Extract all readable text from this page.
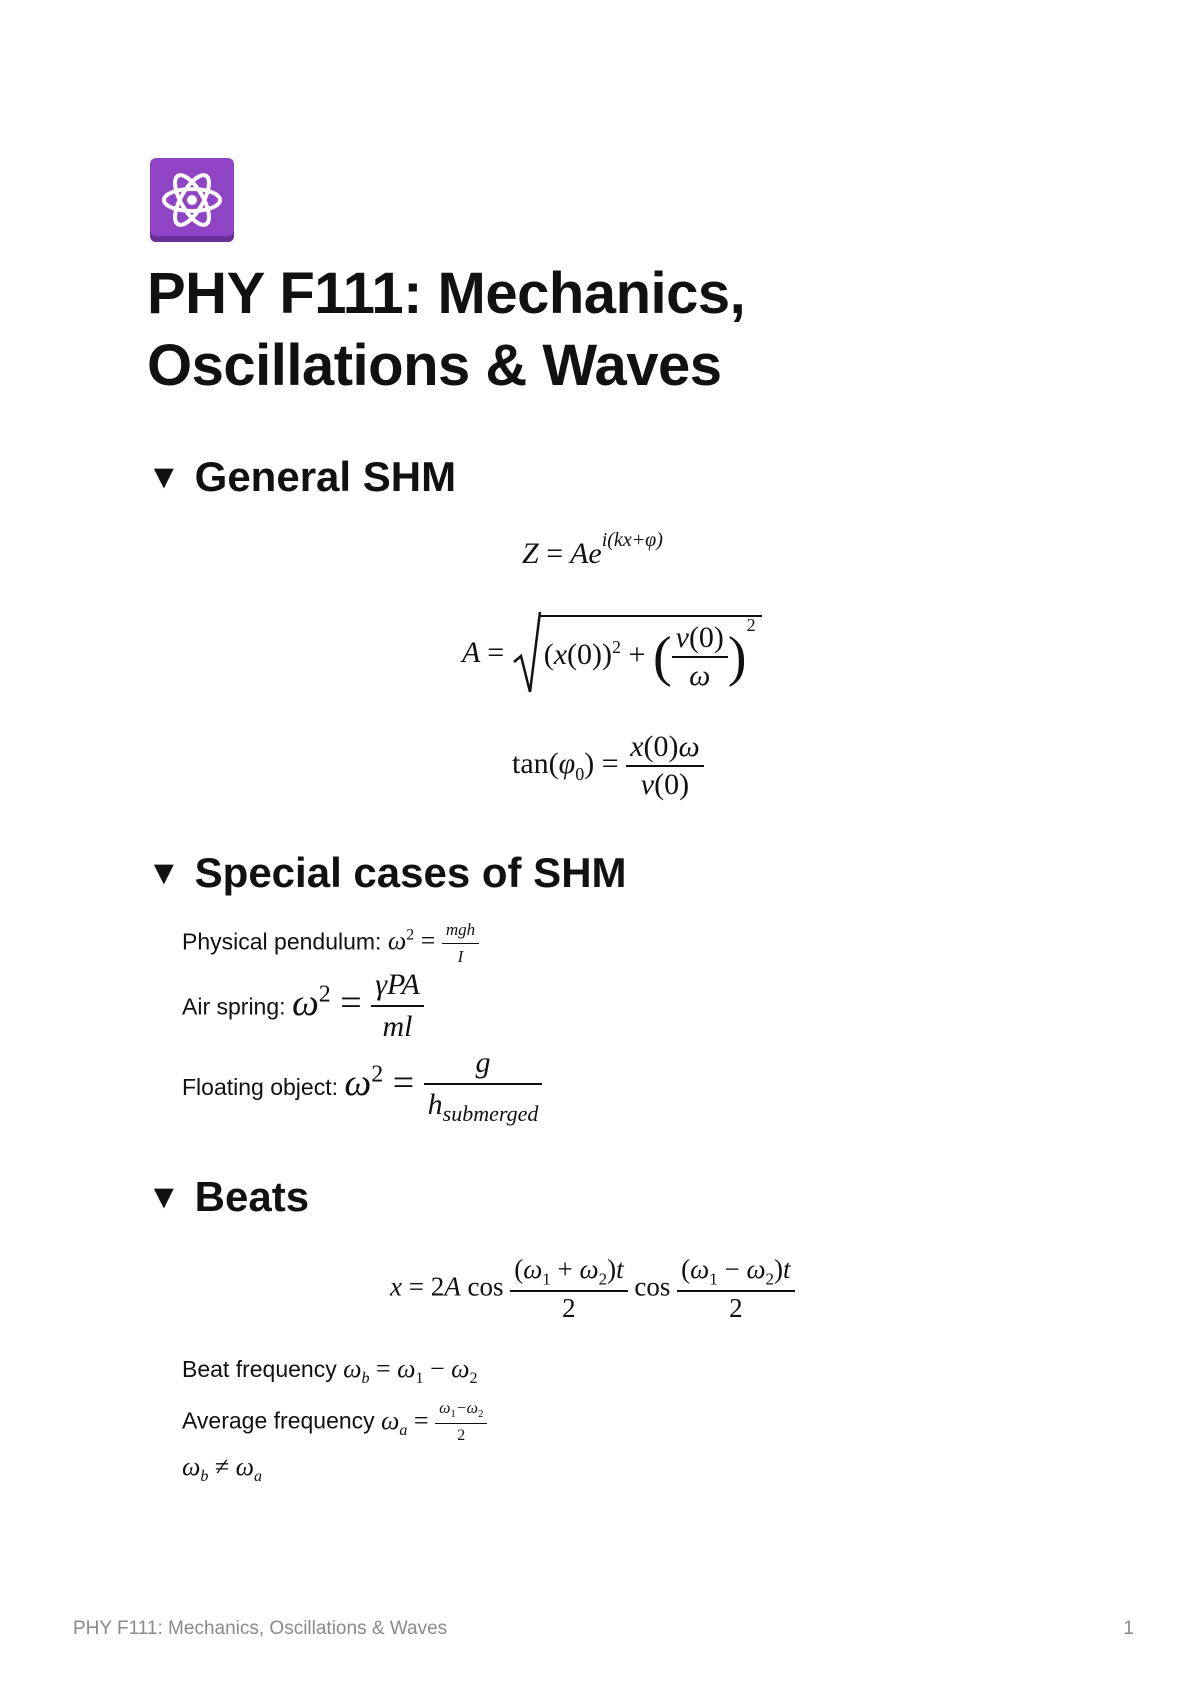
PHY F111: Mechanics, Oscillations & Waves
▼ General SHM
$Z = Ae^{i(kx+\varphi)}$
$A = (x(0))^2$ + ( $\frac{v(0)}{\omega} )^2$
$\tan(\varphi_0) = \frac{x(0)\omega}{v(0)}$
▼ Special cases of SHM
Physical pendulum: $\omega^2 = \frac{\text{mgh}}{I}$
Air spring: $\omega^2 = \frac{\text{γPA}}{ml}$
Floating object: $\omega^2 = \frac{g}{h_{submerged}}$
▼ Beats
x = 2A $\cos \frac{(\omega_1 + \omega_2)t}{2}$ $\cos \frac{(\omega_1 - \omega_2)t}{2}$
Beat frequency $\omega_b = \omega_1 - \omega_2$
Average frequency $\omega_a = \frac{\omega_1-\omega_2}{2}$
$\omega_b \ne \omega_a$
PHY F111: Mechanics, Oscillations & Waves	1
